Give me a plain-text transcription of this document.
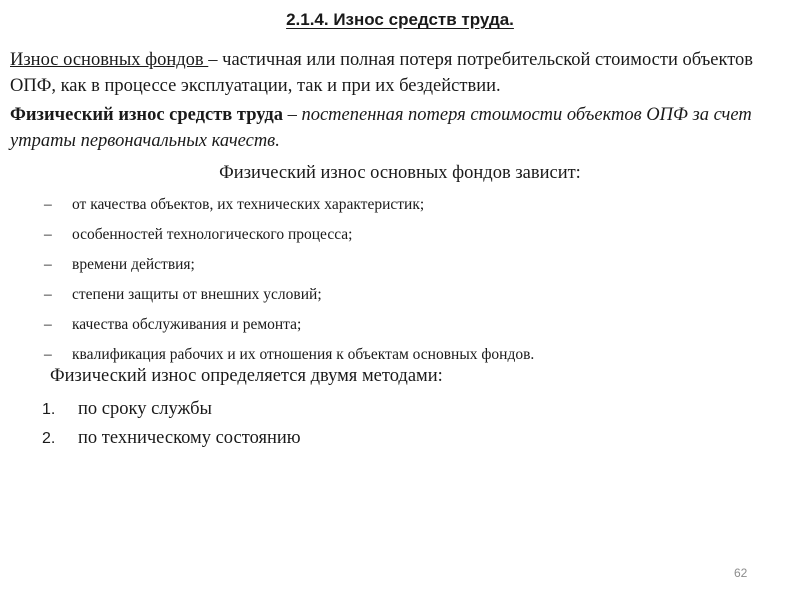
2.1.4. Износ средств труда.
Износ основных фондов – частичная или полная потеря потребительской стоимости объектов ОПФ, как в процессе эксплуатации, так и при их бездействии.
Физический износ средств труда – постепенная потеря стоимости объектов ОПФ за счет утраты первоначальных качеств.
Физический износ основных фондов зависит:
– от качества объектов, их технических характеристик;
– особенностей технологического процесса;
– времени действия;
– степени защиты от внешних условий;
– качества обслуживания и ремонта;
– квалификация рабочих и их отношения к объектам основных фондов.
Физический износ определяется двумя методами:
1. по сроку службы
2. по техническому состоянию
62
